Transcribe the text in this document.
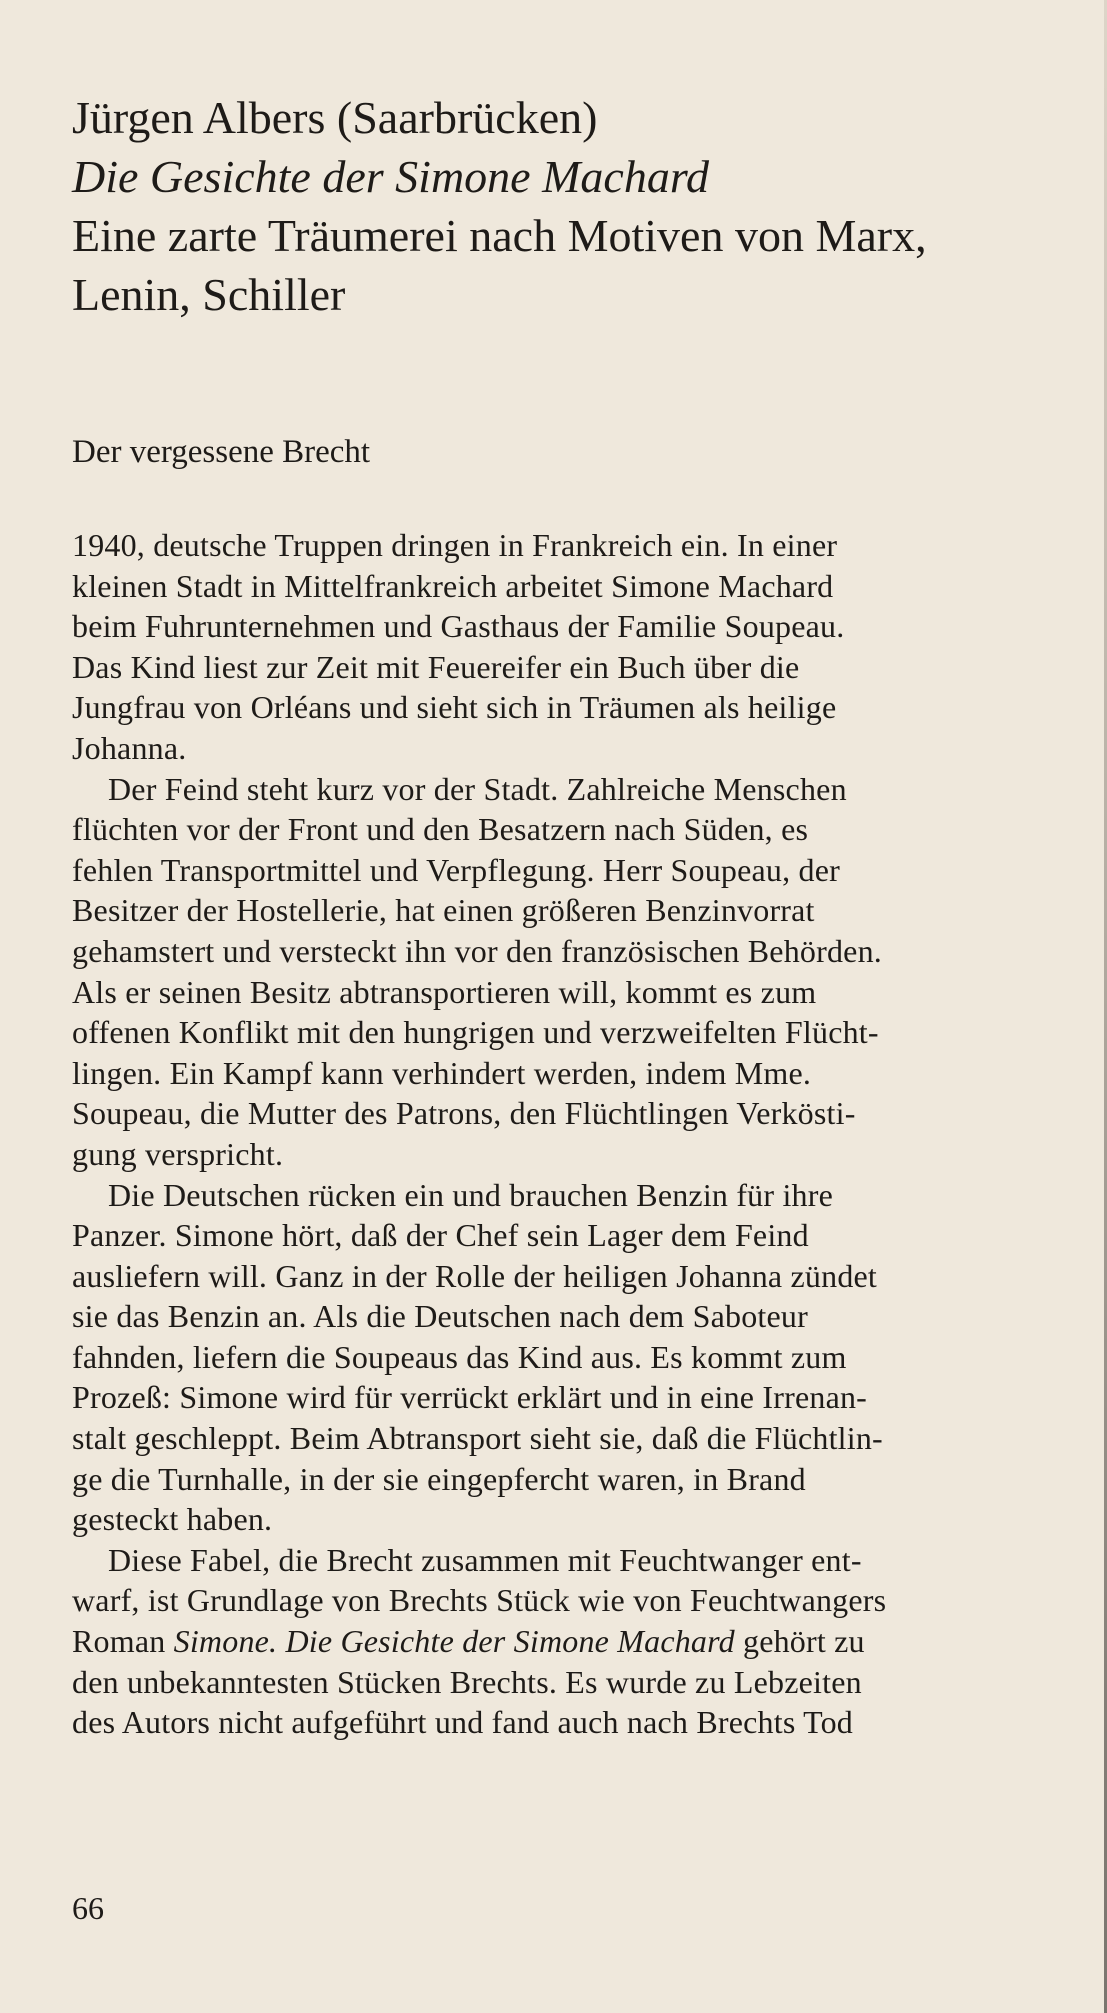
Jürgen Albers (Saarbrücken)
Die Gesichte der Simone Machard
Eine zarte Träumerei nach Motiven von Marx,
Lenin, Schiller
Der vergessene Brecht
1940, deutsche Truppen dringen in Frankreich ein. In einer
kleinen Stadt in Mittelfrankreich arbeitet Simone Machard
beim Fuhrunternehmen und Gasthaus der Familie Soupeau.
Das Kind liest zur Zeit mit Feuereifer ein Buch über die
Jungfrau von Orléans und sieht sich in Träumen als heilige
Johanna.
Der Feind steht kurz vor der Stadt. Zahlreiche Menschen
flüchten vor der Front und den Besatzern nach Süden, es
fehlen Transportmittel und Verpflegung. Herr Soupeau, der
Besitzer der Hostellerie, hat einen größeren Benzinvorrat
gehamstert und versteckt ihn vor den französischen Behörden.
Als er seinen Besitz abtransportieren will, kommt es zum
offenen Konflikt mit den hungrigen und verzweifelten Flücht-
lingen. Ein Kampf kann verhindert werden, indem Mme.
Soupeau, die Mutter des Patrons, den Flüchtlingen Verkösti-
gung verspricht.
Die Deutschen rücken ein und brauchen Benzin für ihre
Panzer. Simone hört, daß der Chef sein Lager dem Feind
ausliefern will. Ganz in der Rolle der heiligen Johanna zündet
sie das Benzin an. Als die Deutschen nach dem Saboteur
fahnden, liefern die Soupeaus das Kind aus. Es kommt zum
Prozeß: Simone wird für verrückt erklärt und in eine Irrenan-
stalt geschleppt. Beim Abtransport sieht sie, daß die Flüchtlin-
ge die Turnhalle, in der sie eingepfercht waren, in Brand
gesteckt haben.
Diese Fabel, die Brecht zusammen mit Feuchtwanger ent-
warf, ist Grundlage von Brechts Stück wie von Feuchtwangers
Roman Simone. Die Gesichte der Simone Machard gehört zu
den unbekanntesten Stücken Brechts. Es wurde zu Lebzeiten
des Autors nicht aufgeführt und fand auch nach Brechts Tod
66
